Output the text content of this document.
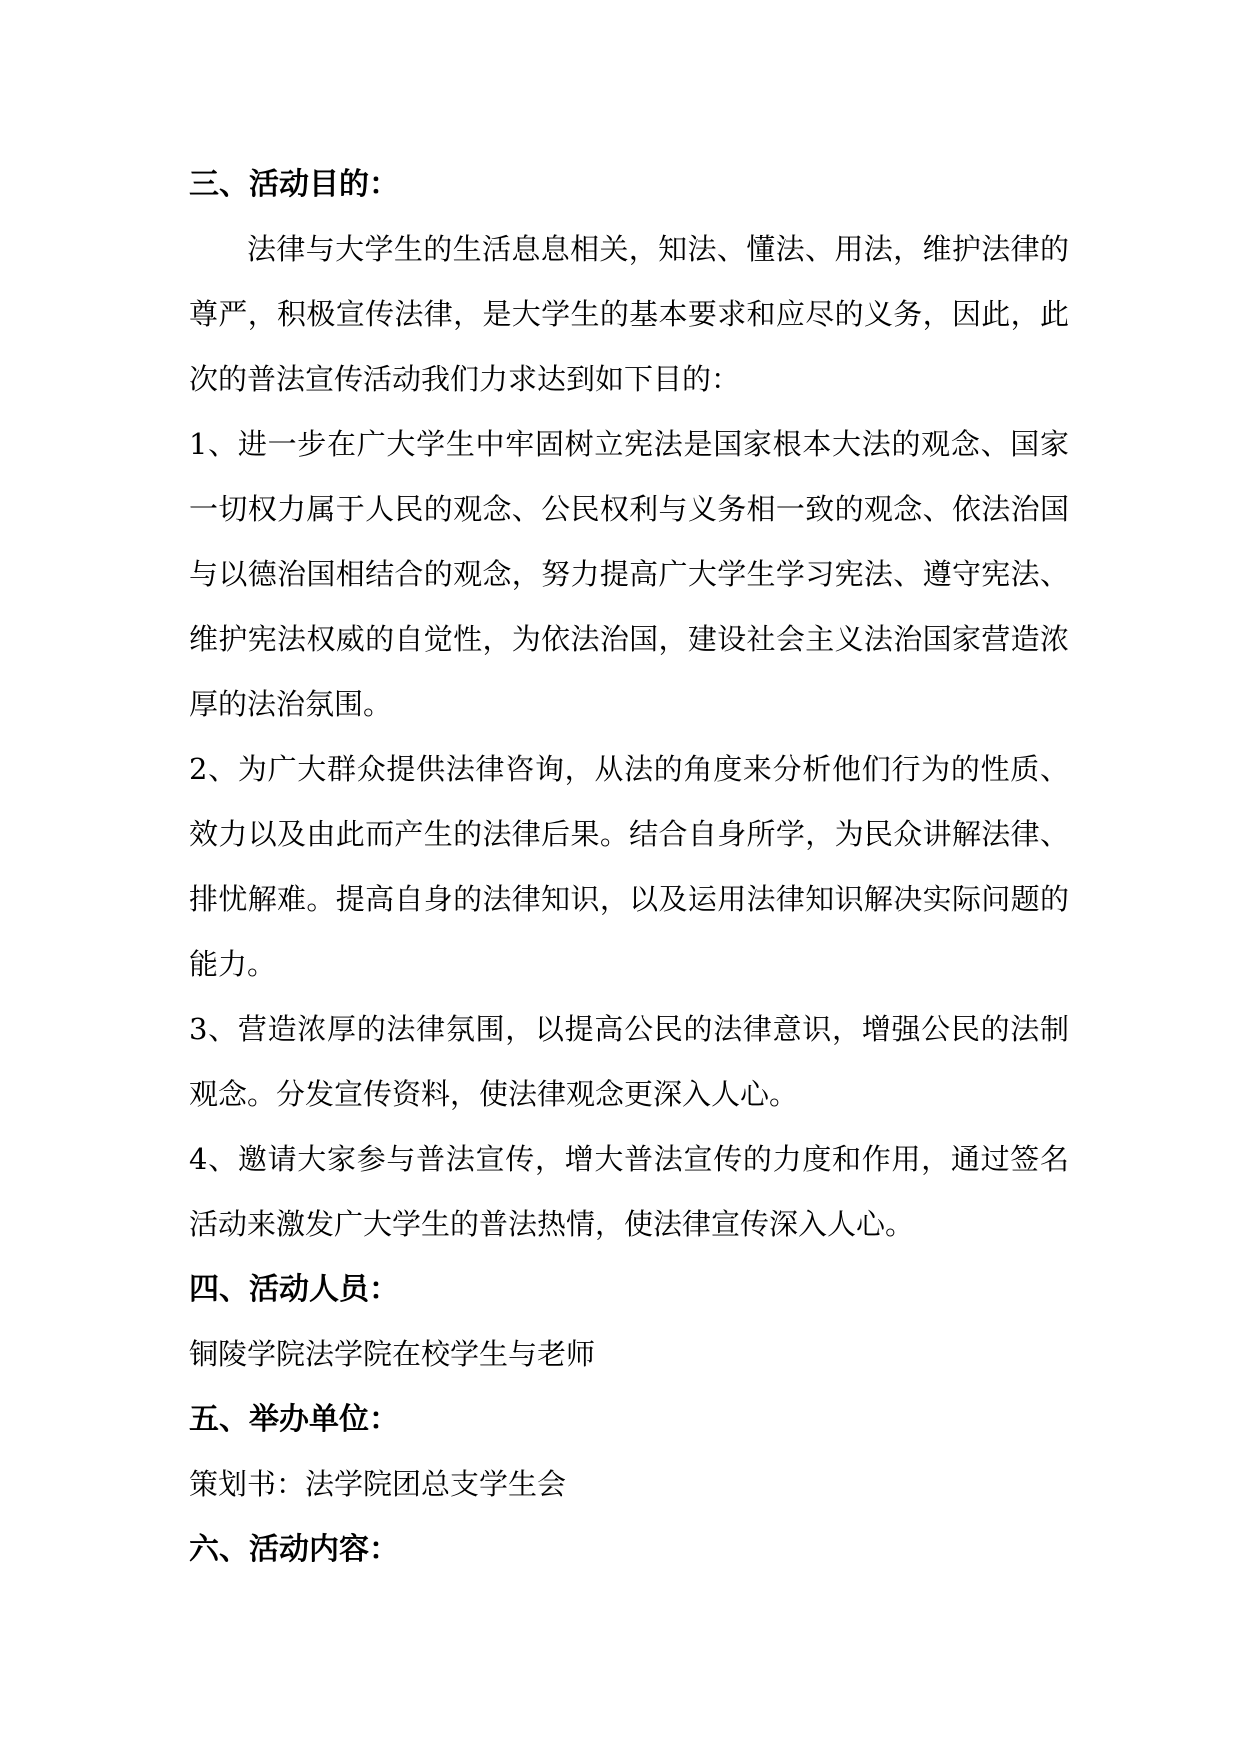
三、活动目的：

法律与大学生的生活息息相关，知法、懂法、用法，维护法律的尊严，积极宣传法律，是大学生的基本要求和应尽的义务，因此，此次的普法宣传活动我们力求达到如下目的：

1、进一步在广大学生中牢固树立宪法是国家根本大法的观念、国家一切权力属于人民的观念、公民权利与义务相一致的观念、依法治国与以德治国相结合的观念，努力提高广大学生学习宪法、遵守宪法、维护宪法权威的自觉性，为依法治国，建设社会主义法治国家营造浓厚的法治氛围。

2、为广大群众提供法律咨询，从法的角度来分析他们行为的性质、效力以及由此而产生的法律后果。结合自身所学，为民众讲解法律、排忧解难。提高自身的法律知识，以及运用法律知识解决实际问题的能力。

3、营造浓厚的法律氛围，以提高公民的法律意识，增强公民的法制观念。分发宣传资料，使法律观念更深入人心。

4、邀请大家参与普法宣传，增大普法宣传的力度和作用，通过签名活动来激发广大学生的普法热情，使法律宣传深入人心。

四、活动人员：

铜陵学院法学院在校学生与老师

五、举办单位：

策划书：法学院团总支学生会

六、活动内容：
